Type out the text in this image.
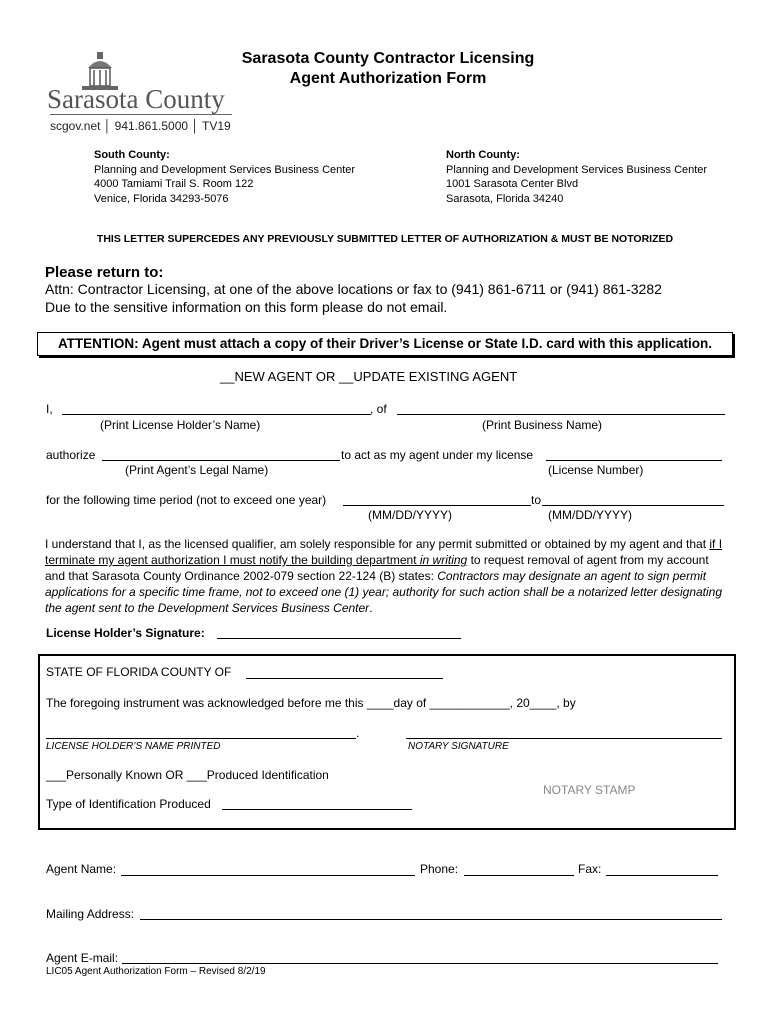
Sarasota County
scgov.net │ 941.861.5000 │ TV19
Sarasota County Contractor Licensing
Agent Authorization Form
South County:
Planning and Development Services Business Center
4000 Tamiami Trail S. Room 122
Venice, Florida 34293-5076
North County:
Planning and Development Services Business Center
1001 Sarasota Center Blvd
Sarasota, Florida 34240
THIS LETTER SUPERCEDES ANY PREVIOUSLY SUBMITTED LETTER OF AUTHORIZATION & MUST BE NOTORIZED
Please return to:
Attn: Contractor Licensing, at one of the above locations or fax to (941) 861-6711 or (941) 861-3282
Due to the sensitive information on this form please do not email.
ATTENTION: Agent must attach a copy of their Driver’s License or State I.D. card with this application.
__NEW AGENT OR __UPDATE EXISTING AGENT
I,	, of
(Print License Holder’s Name)	(Print Business Name)
authorize	to act as my agent under my license
(Print Agent’s Legal Name)	(License Number)
for the following time period (not to exceed one year)	to
(MM/DD/YYYY)	(MM/DD/YYYY)
I understand that I, as the licensed qualifier, am solely responsible for any permit submitted or obtained by my agent and that if I terminate my agent authorization I must notify the building department in writing to request removal of agent from my account and that Sarasota County Ordinance 2002-079 section 22-124 (B) states: Contractors may designate an agent to sign permit applications for a specific time frame, not to exceed one (1) year; authority for such action shall be a notarized letter designating the agent sent to the Development Services Business Center.
License Holder’s Signature:
STATE OF FLORIDA COUNTY OF
The foregoing instrument was acknowledged before me this ____day of ____________, 20____, by
.
LICENSE HOLDER’S NAME PRINTED	NOTARY SIGNATURE
___Personally Known OR ___Produced Identification
NOTARY STAMP
Type of Identification Produced
Agent Name:	Phone:	Fax:
Mailing Address:
Agent E-mail:
LIC05 Agent Authorization Form – Revised 8/2/19
